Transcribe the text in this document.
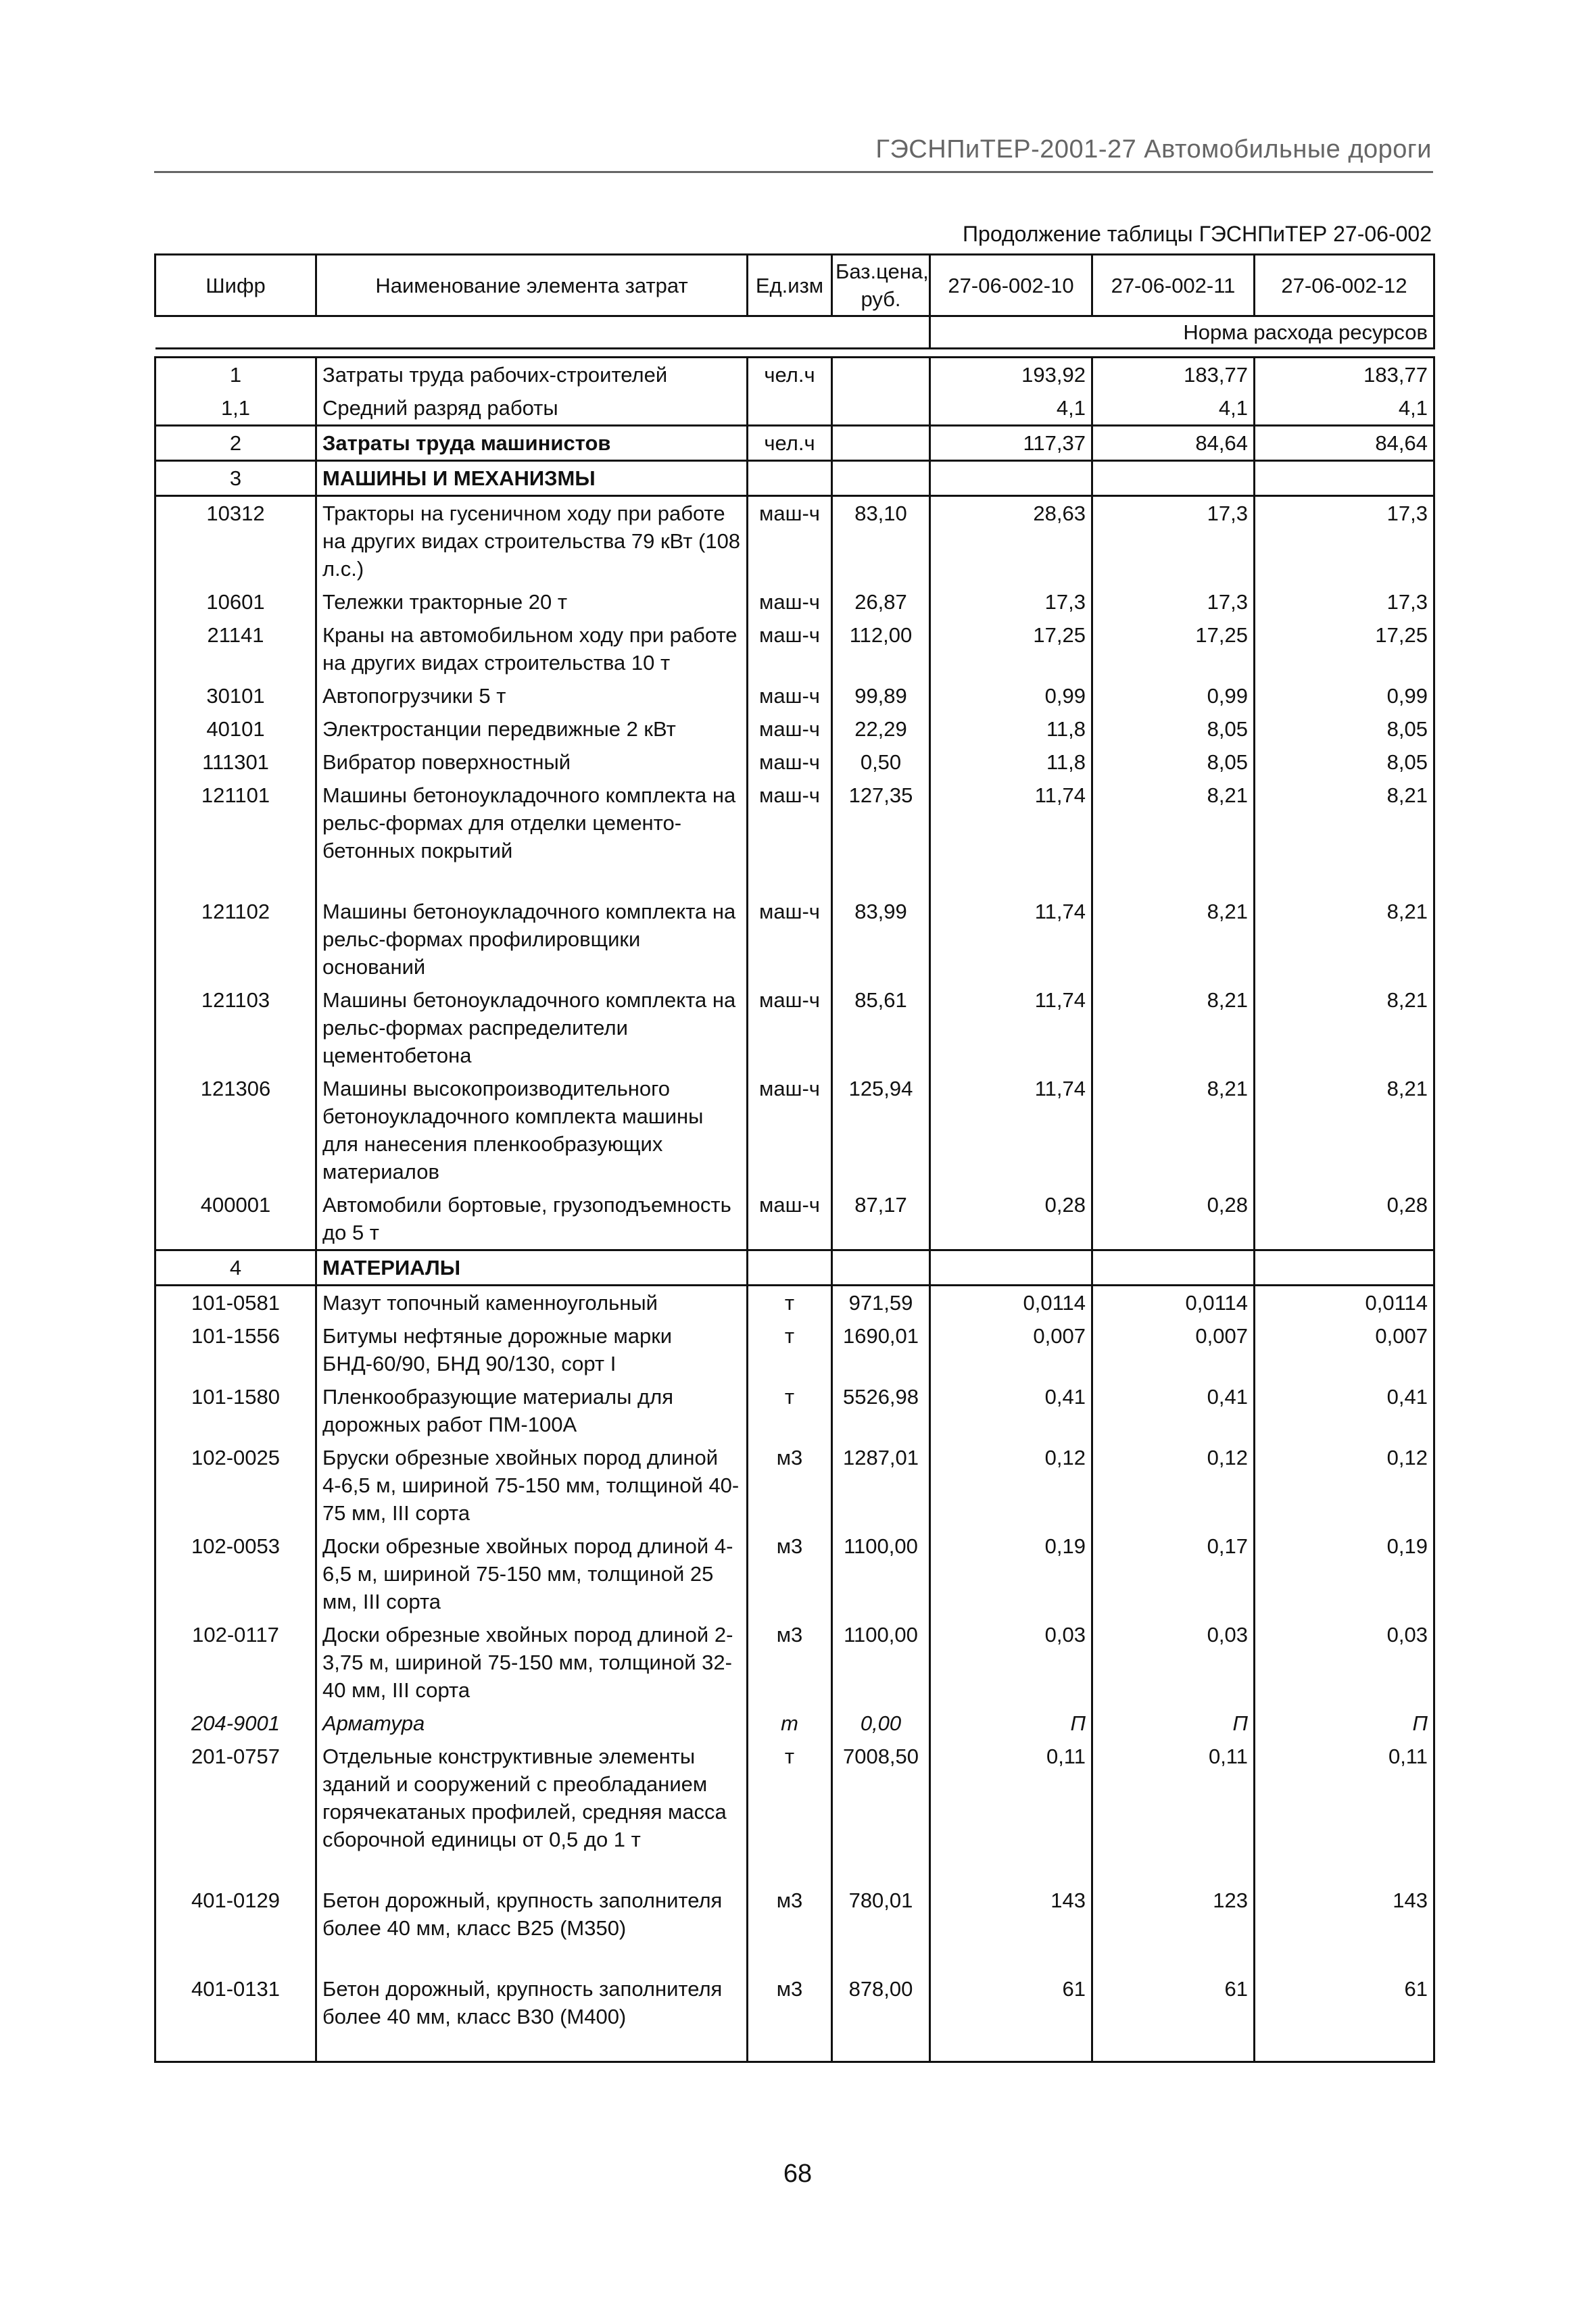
ГЭСНПиТЕР-2001-27 Автомобильные дороги
Продолжение таблицы ГЭСНПиТЕР 27-06-002
Шифр	Наименование элемента затрат	Ед.изм	Баз.цена, руб.	27-06-002-10	27-06-002-11	27-06-002-12
				Норма расхода ресурсов		

1	Затраты труда рабочих-строителей	чел.ч		193,92	183,77	183,77
1,1	Средний разряд работы			4,1	4,1	4,1
2	Затраты труда машинистов	чел.ч		117,37	84,64	84,64
3	МАШИНЫ И МЕХАНИЗМЫ					
10312	Тракторы на гусеничном ходу при работе на других видах строительства 79 кВт (108 л.с.)	маш-ч	83,10	28,63	17,3	17,3
10601	Тележки тракторные 20 т	маш-ч	26,87	17,3	17,3	17,3
21141	Краны на автомобильном ходу при работе на других видах строительства 10 т	маш-ч	112,00	17,25	17,25	17,25
30101	Автопогрузчики 5 т	маш-ч	99,89	0,99	0,99	0,99
40101	Электростанции передвижные 2 кВт	маш-ч	22,29	11,8	8,05	8,05
111301	Вибратор поверхностный	маш-ч	0,50	11,8	8,05	8,05
121101	Машины бетоноукладочного комплекта на рельс-формах для отделки цементо-бетонных покрытий	маш-ч	127,35	11,74	8,21	8,21
121102	Машины бетоноукладочного комплекта на рельс-формах профилировщики оснований	маш-ч	83,99	11,74	8,21	8,21
121103	Машины бетоноукладочного комплекта на рельс-формах распределители цементобетона	маш-ч	85,61	11,74	8,21	8,21
121306	Машины высокопроизводительного бетоноукладочного комплекта машины для нанесения пленкообразующих материалов	маш-ч	125,94	11,74	8,21	8,21
400001	Автомобили бортовые, грузоподъемность до 5 т	маш-ч	87,17	0,28	0,28	0,28
4	МАТЕРИАЛЫ					
101-0581	Мазут топочный каменноугольный	т	971,59	0,0114	0,0114	0,0114
101-1556	Битумы нефтяные дорожные марки БНД-60/90, БНД 90/130, сорт I	т	1690,01	0,007	0,007	0,007
101-1580	Пленкообразующие материалы для дорожных работ ПМ-100А	т	5526,98	0,41	0,41	0,41
102-0025	Бруски обрезные хвойных пород длиной 4-6,5 м, шириной 75-150 мм, толщиной 40-75 мм, III сорта	м3	1287,01	0,12	0,12	0,12
102-0053	Доски обрезные хвойных пород длиной 4-6,5 м, шириной 75-150 мм, толщиной 25 мм, III сорта	м3	1100,00	0,19	0,17	0,19
102-0117	Доски обрезные хвойных пород длиной 2-3,75 м, шириной 75-150 мм, толщиной 32-40 мм, III сорта	м3	1100,00	0,03	0,03	0,03
204-9001	Арматура	т	0,00	П	П	П
201-0757	Отдельные конструктивные элементы зданий и сооружений с преобладанием горячекатаных профилей, средняя масса сборочной единицы от 0,5 до 1 т	т	7008,50	0,11	0,11	0,11
401-0129	Бетон дорожный, крупность заполнителя более 40 мм, класс В25 (М350)	м3	780,01	143	123	143
401-0131	Бетон дорожный, крупность заполнителя более 40 мм, класс В30 (М400)	м3	878,00	61	61	61
68
